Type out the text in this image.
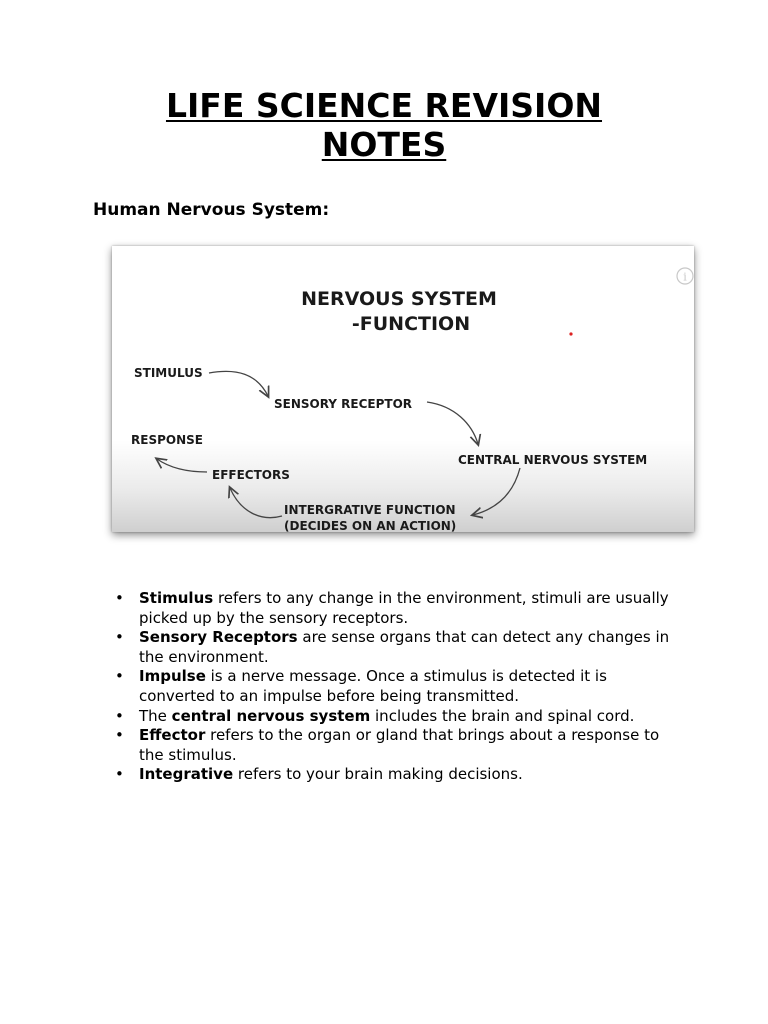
LIFE SCIENCE REVISION
NOTES
Human Nervous System:
i
NERVOUS SYSTEM
-FUNCTION
STIMULUS
SENSORY RECEPTOR
CENTRAL NERVOUS SYSTEM
INTERGRATIVE FUNCTION
(DECIDES ON AN ACTION)
EFFECTORS
RESPONSE
• Stimulus refers to any change in the environment, stimuli are usually picked up by the sensory receptors.
• Sensory Receptors are sense organs that can detect any changes in the environment.
• Impulse is a nerve message. Once a stimulus is detected it is converted to an impulse before being transmitted.
• The central nervous system includes the brain and spinal cord.
• Effector refers to the organ or gland that brings about a response to the stimulus.
• Integrative refers to your brain making decisions.
